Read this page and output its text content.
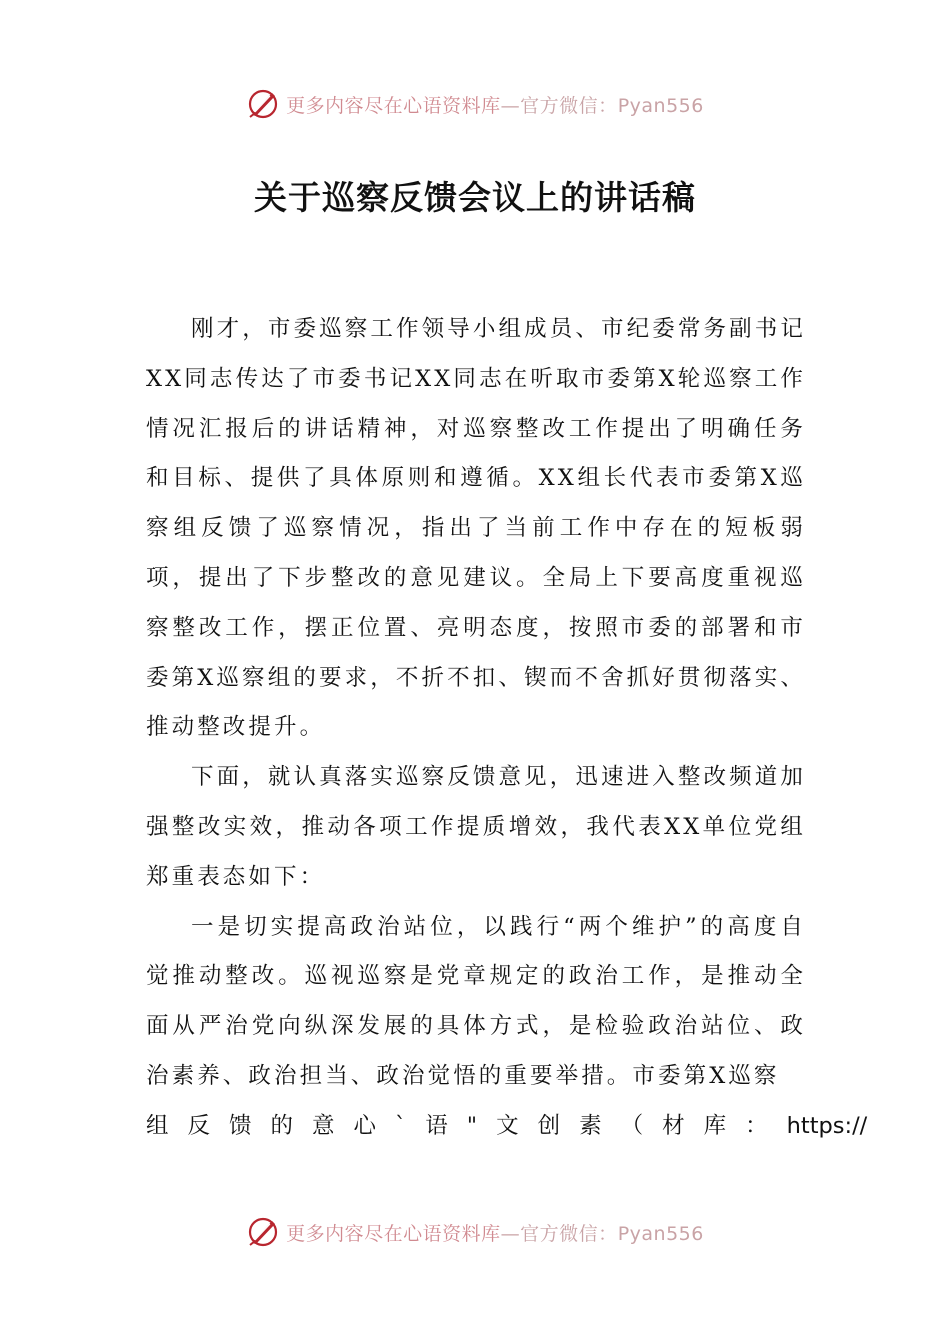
更多内容尽在心语资料库—官方微信：Pyan556
关于巡察反馈会议上的讲话稿

刚才，市委巡察工作领导小组成员、市纪委常务副书记XX同志传达了市委书记XX同志在听取市委第X轮巡察工作情况汇报后的讲话精神，对巡察整改工作提出了明确任务和目标、提供了具体原则和遵循。XX组长代表市委第X巡察组反馈了巡察情况，指出了当前工作中存在的短板弱项，提出了下步整改的意见建议。全局上下要高度重视巡察整改工作，摆正位置、亮明态度，按照市委的部署和市委第X巡察组的要求，不折不扣、锲而不舍抓好贯彻落实、推动整改提升。

下面，就认真落实巡察反馈意见，迅速进入整改频道加强整改实效，推动各项工作提质增效，我代表XX单位党组郑重表态如下：

一是切实提高政治站位，以践行“两个维护”的高度自觉推动整改。巡视巡察是党章规定的政治工作，是推动全面从严治党向纵深发展的具体方式，是检验政治站位、政治素养、政治担当、政治觉悟的重要举措。市委第X巡察

组反馈的意心`语"文创素（材库： https://
更多内容尽在心语资料库—官方微信：Pyan556
